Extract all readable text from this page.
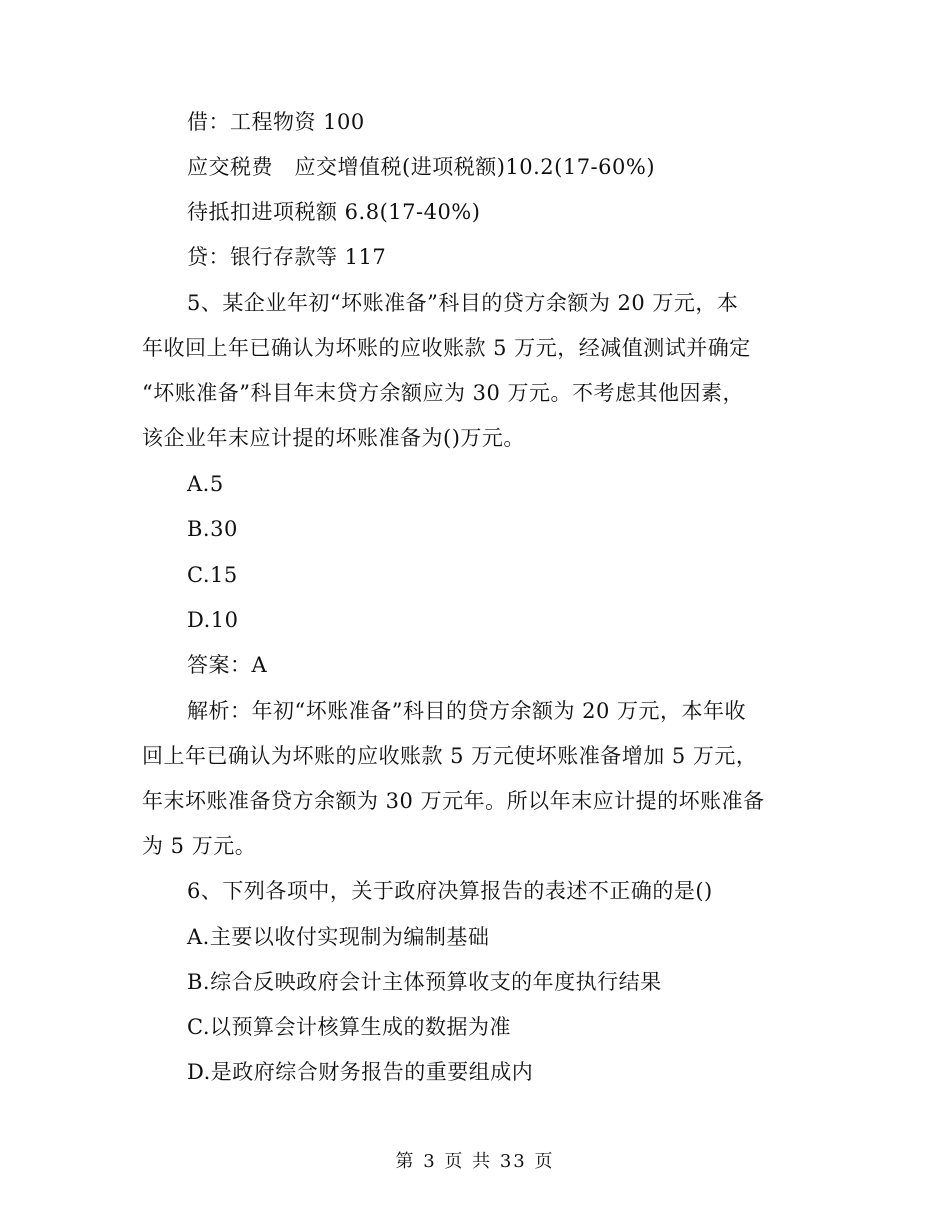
借：工程物资 100
应交税费　应交增值税(进项税额)10.2(17-60%)
待抵扣进项税额 6.8(17-40%)
贷：银行存款等 117
5、某企业年初“坏账准备”科目的贷方余额为 20 万元，本
年收回上年已确认为坏账的应收账款 5 万元，经减值测试并确定
“坏账准备”科目年末贷方余额应为 30 万元。不考虑其他因素，
该企业年末应计提的坏账准备为()万元。
A.5
B.30
C.15
D.10
答案：A
解析：年初“坏账准备”科目的贷方余额为 20 万元，本年收
回上年已确认为坏账的应收账款 5 万元使坏账准备增加 5 万元，
年末坏账准备贷方余额为 30 万元年。所以年末应计提的坏账准备
为 5 万元。
6、下列各项中，关于政府决算报告的表述不正确的是()
A.主要以收付实现制为编制基础
B.综合反映政府会计主体预算收支的年度执行结果
C.以预算会计核算生成的数据为准
D.是政府综合财务报告的重要组成内
第 3 页 共 33 页
